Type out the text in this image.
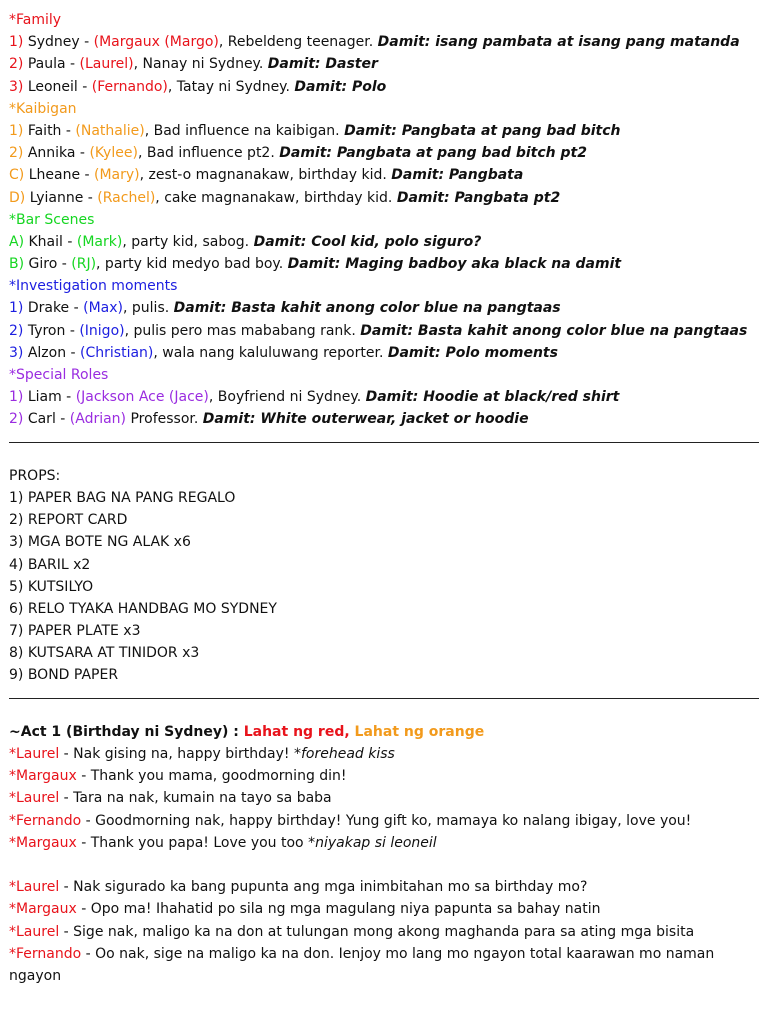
*Family
1) Sydney - (Margaux (Margo), Rebeldeng teenager. Damit: isang pambata at isang pang matanda
2) Paula - (Laurel), Nanay ni Sydney. Damit: Daster
3) Leoneil - (Fernando), Tatay ni Sydney. Damit: Polo
*Kaibigan
1) Faith - (Nathalie), Bad influence na kaibigan. Damit: Pangbata at pang bad bitch
2) Annika - (Kylee), Bad influence pt2. Damit: Pangbata at pang bad bitch pt2
C) Lheane - (Mary), zest-o magnanakaw, birthday kid. Damit: Pangbata
D) Lyianne - (Rachel), cake magnanakaw, birthday kid. Damit: Pangbata pt2
*Bar Scenes
A) Khail - (Mark), party kid, sabog. Damit: Cool kid, polo siguro?
B) Giro - (RJ), party kid medyo bad boy. Damit: Maging badboy aka black na damit
*Investigation moments
1) Drake - (Max), pulis. Damit: Basta kahit anong color blue na pangtaas
2) Tyron - (Inigo), pulis pero mas mababang rank. Damit: Basta kahit anong color blue na pangtaas
3) Alzon - (Christian), wala nang kaluluwang reporter. Damit: Polo moments
*Special Roles
1) Liam - (Jackson Ace (Jace), Boyfriend ni Sydney. Damit: Hoodie at black/red shirt
2) Carl - (Adrian) Professor. Damit: White outerwear, jacket or hoodie
PROPS:
1) PAPER BAG NA PANG REGALO
2) REPORT CARD
3) MGA BOTE NG ALAK x6
4) BARIL x2
5) KUTSILYO
6) RELO TYAKA HANDBAG MO SYDNEY
7) PAPER PLATE x3
8) KUTSARA AT TINIDOR x3
9) BOND PAPER
~Act 1 (Birthday ni Sydney) : Lahat ng red, Lahat ng orange
*Laurel - Nak gising na, happy birthday! *forehead kiss
*Margaux - Thank you mama, goodmorning din!
*Laurel - Tara na nak, kumain na tayo sa baba
*Fernando - Goodmorning nak, happy birthday! Yung gift ko, mamaya ko nalang ibigay, love you!
*Margaux - Thank you papa! Love you too *niyakap si leoneil
*Laurel - Nak sigurado ka bang pupunta ang mga inimbitahan mo sa birthday mo?
*Margaux - Opo ma! Ihahatid po sila ng mga magulang niya papunta sa bahay natin
*Laurel - Sige nak, maligo ka na don at tulungan mong akong maghanda para sa ating mga bisita
*Fernando - Oo nak, sige na maligo ka na don. Ienjoy mo lang mo ngayon total kaarawan mo naman
ngayon
